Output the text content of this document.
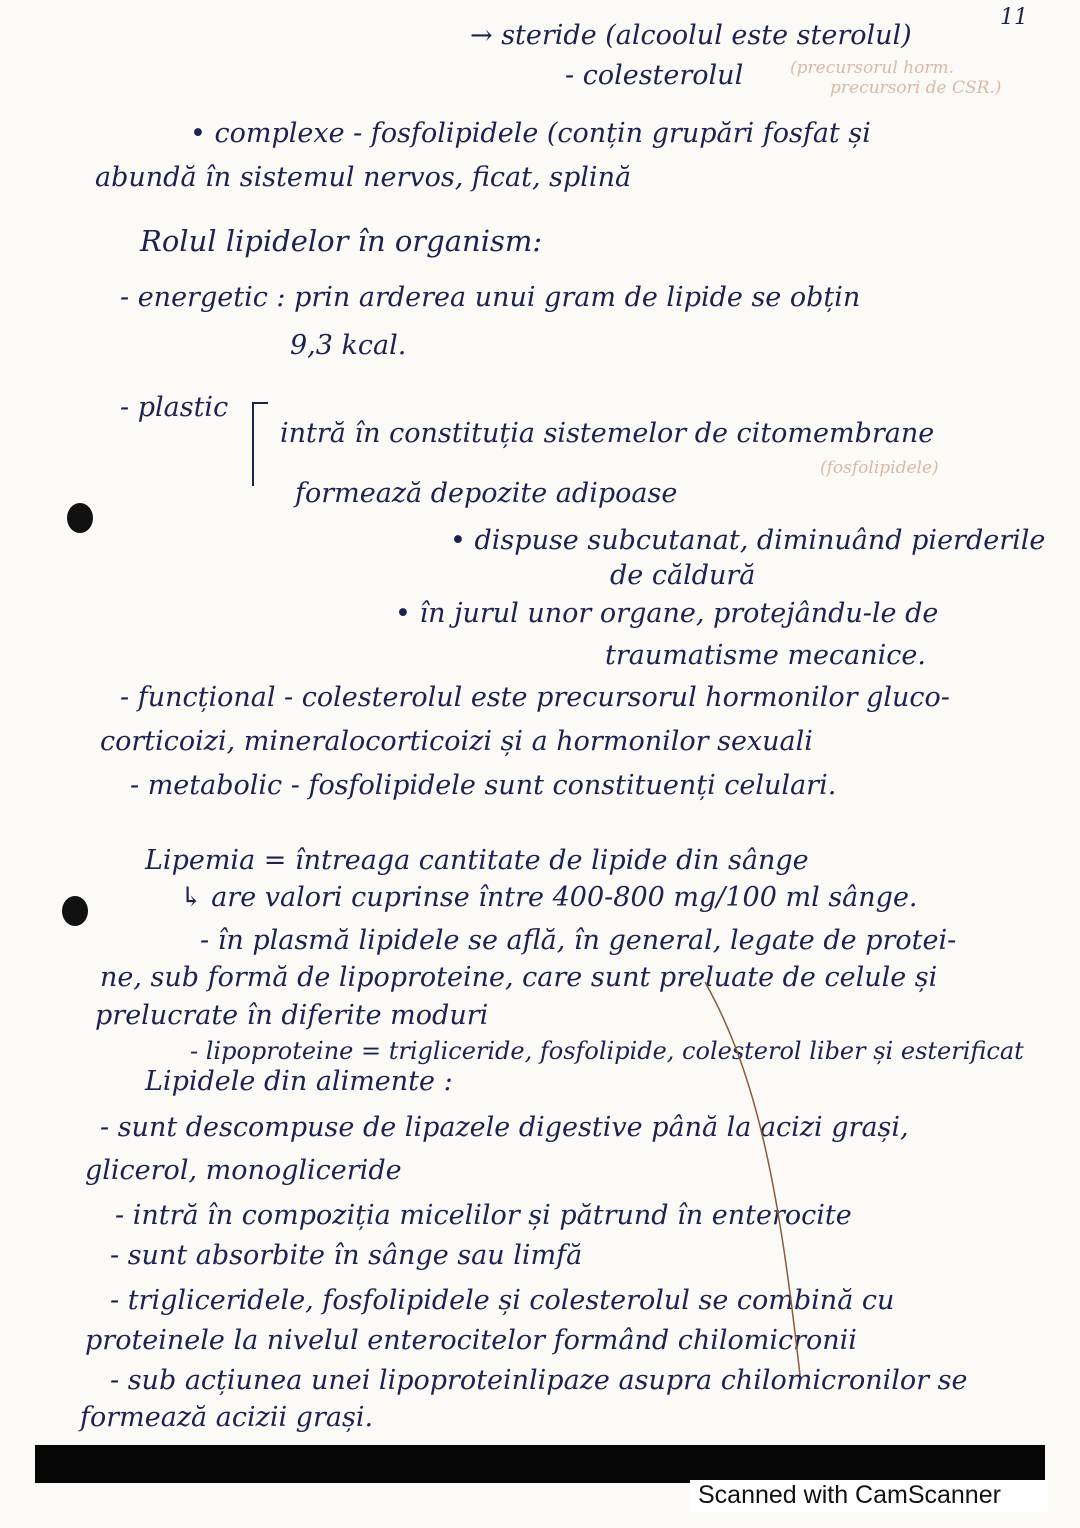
11
→ steride (alcoolul este sterolul)
- colesterolul	(precursorul horm.
precursori de CSR.)
• complexe - fosfolipidele (conțin grupări fosfat și
abundă în sistemul nervos, ficat, splină
Rolul lipidelor în organism:
- energetic : prin arderea unui gram de lipide se obțin
9,3 kcal.
- plastic
intră în constituția sistemelor de citomembrane
(fosfolipidele)
formează depozite adipoase
• dispuse subcutanat, diminuând pierderile
de căldură
• în jurul unor organe, protejându-le de
traumatisme mecanice.
- funcțional - colesterolul este precursorul hormonilor gluco-
corticoizi, mineralocorticoizi și a hormonilor sexuali
- metabolic - fosfolipidele sunt constituenți celulari.
Lipemia = întreaga cantitate de lipide din sânge
↳ are valori cuprinse între 400-800 mg/100 ml sânge.
- în plasmă lipidele se află, în general, legate de protei-
ne, sub formă de lipoproteine, care sunt preluate de celule și
prelucrate în diferite moduri
- lipoproteine = trigliceride, fosfolipide, colesterol liber și esterificat
Lipidele din alimente :
- sunt descompuse de lipazele digestive până la acizi grași,
glicerol, monogliceride
- intră în compoziția micelilor și pătrund în enterocite
- sunt absorbite în sânge sau limfă
- trigliceridele, fosfolipidele și colesterolul se combină cu
proteinele la nivelul enterocitelor formând chilomicronii
- sub acțiunea unei lipoproteinlipaze asupra chilomicronilor se
formează acizii grași.
Scanned with CamScanner
